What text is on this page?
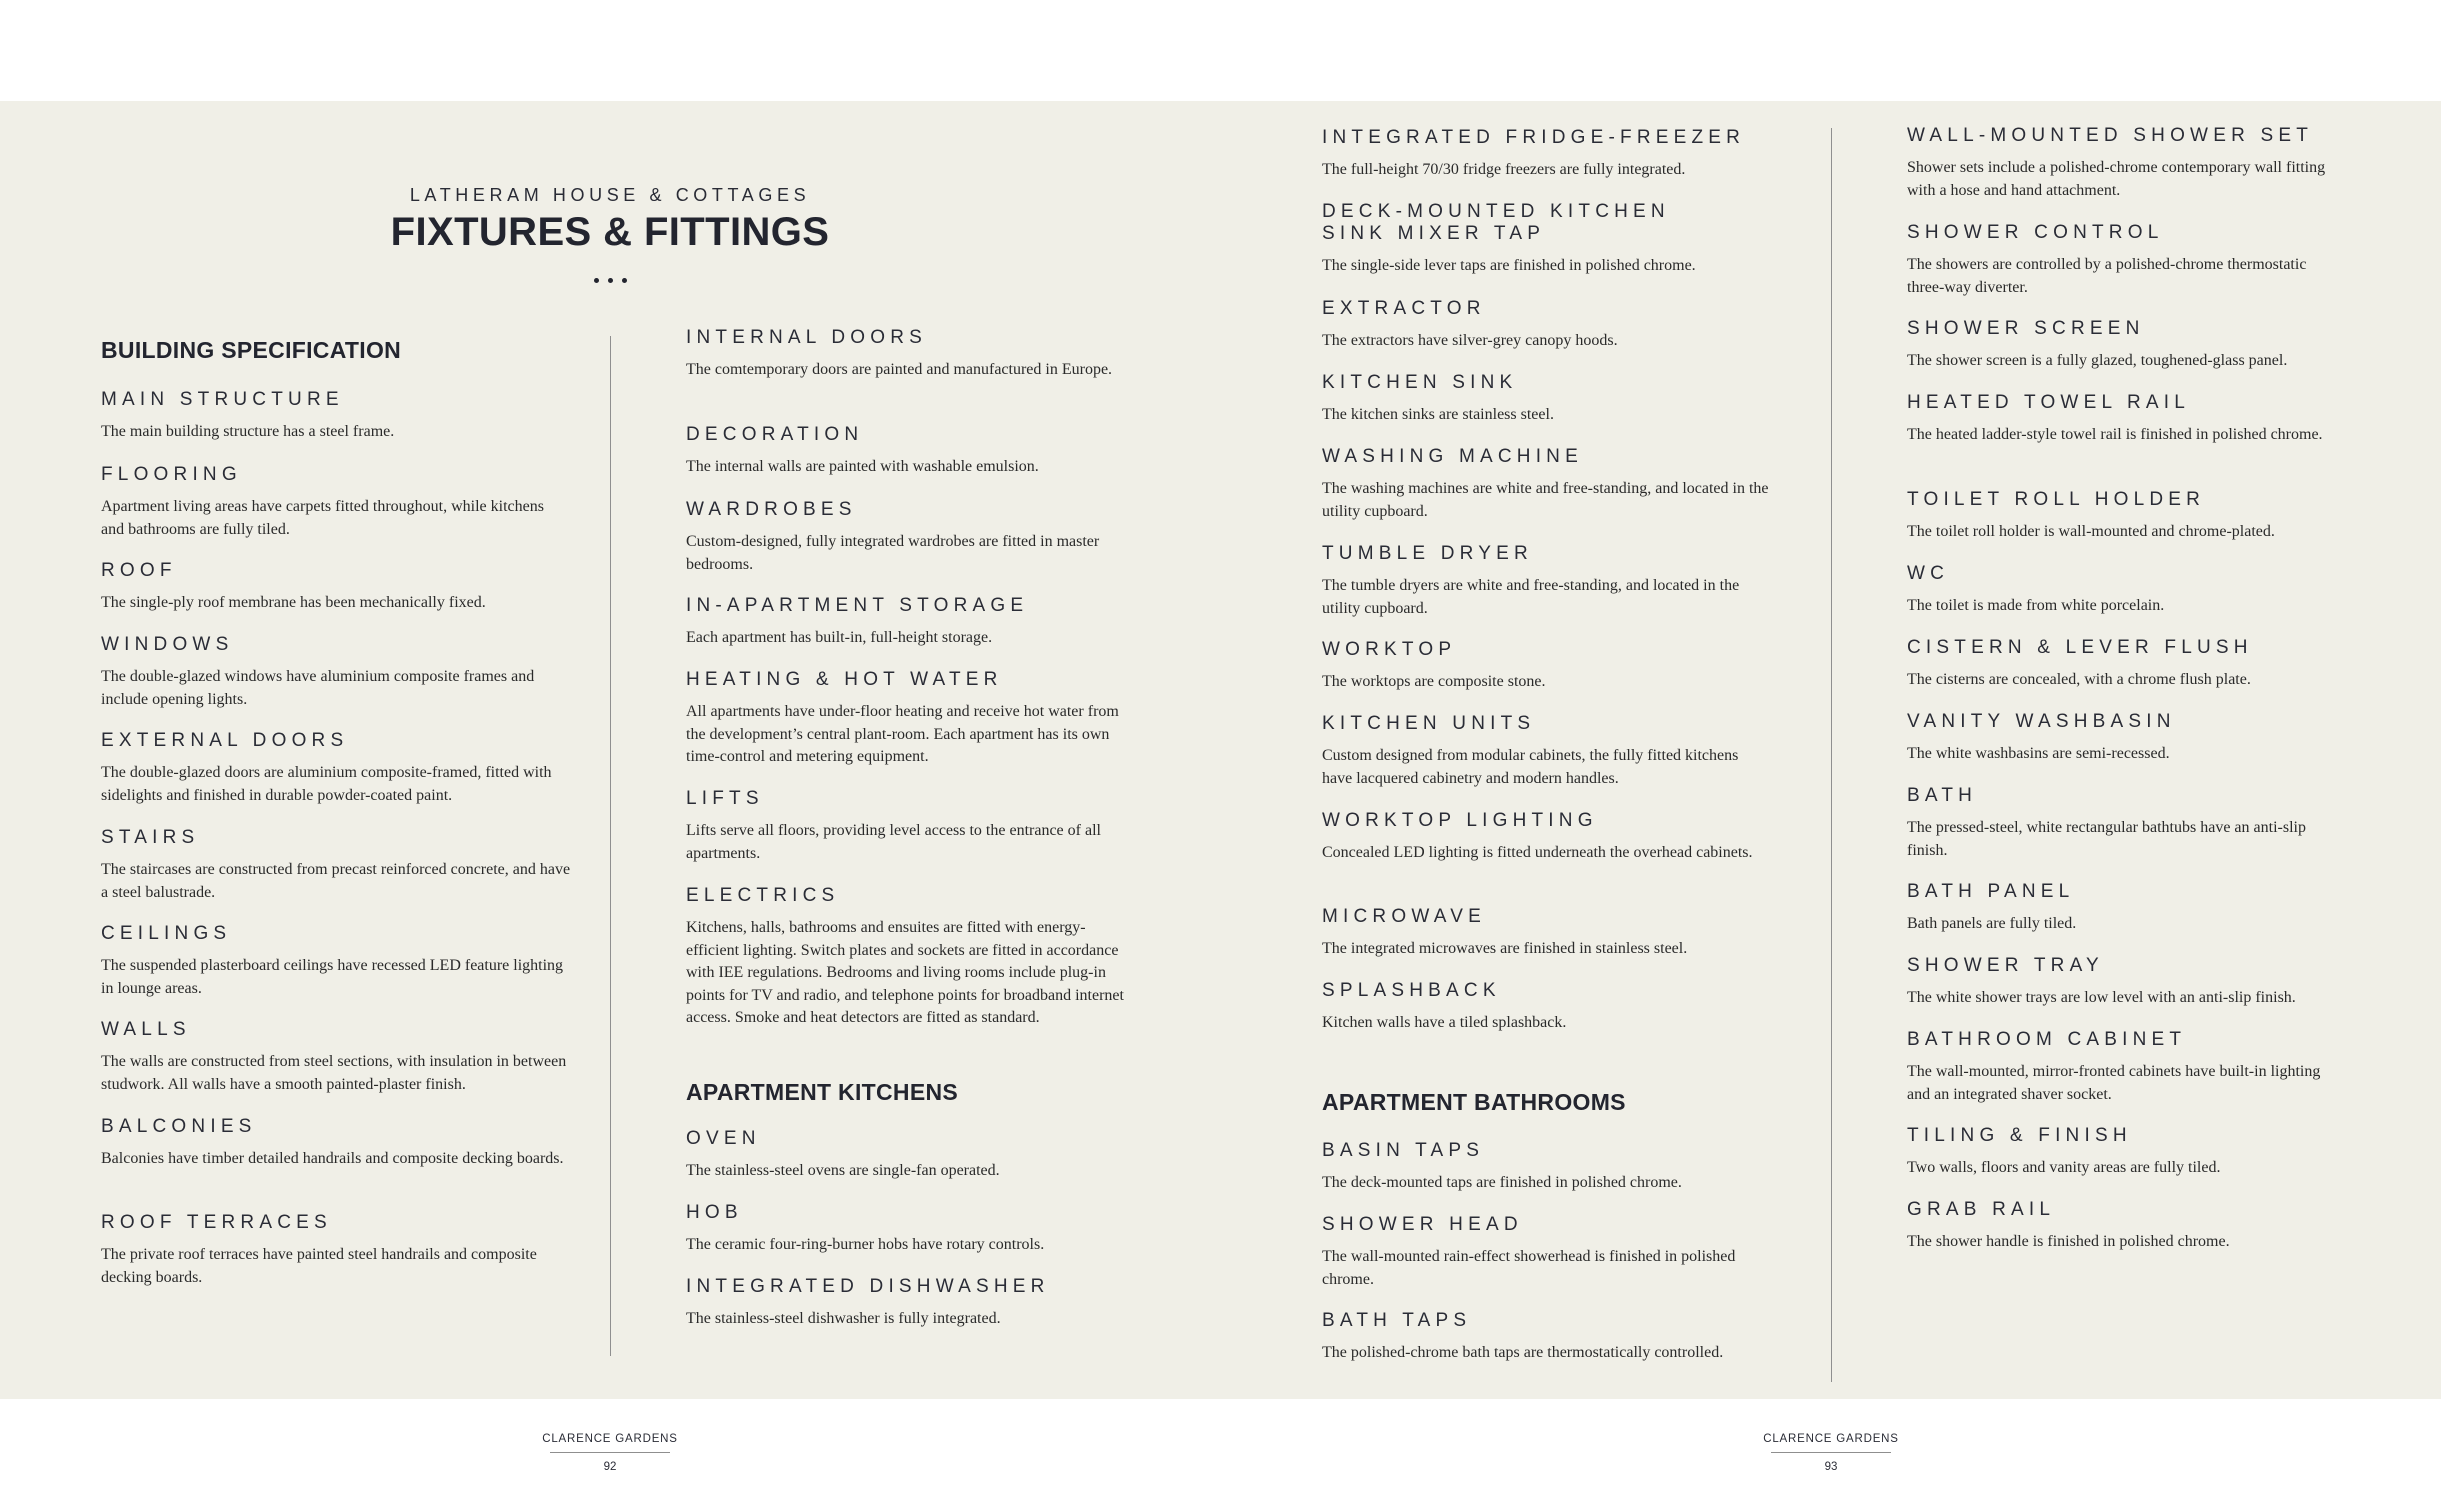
LATHERAM HOUSE & COTTAGES
FIXTURES & FITTINGS
BUILDING SPECIFICATION
MAIN STRUCTURE
The main building structure has a steel frame.
FLOORING
Apartment living areas have carpets fitted throughout, while kitchens and bathrooms are fully tiled.
ROOF
The single-ply roof membrane has been mechanically fixed.
WINDOWS
The double-glazed windows have aluminium composite frames and include opening lights.
EXTERNAL DOORS
The double-glazed doors are aluminium composite-framed, fitted with sidelights and finished in durable powder-coated paint.
STAIRS
The staircases are constructed from precast reinforced concrete, and have a steel balustrade.
CEILINGS
The suspended plasterboard ceilings have recessed LED feature lighting in lounge areas.
WALLS
The walls are constructed from steel sections, with insulation in between studwork. All walls have a smooth painted-plaster finish.
BALCONIES
Balconies have timber detailed handrails and composite decking boards.
ROOF TERRACES
The private roof terraces have painted steel handrails and composite decking boards.
INTERNAL DOORS
The comtemporary doors are painted and manufactured in Europe.
DECORATION
The internal walls are painted with washable emulsion.
WARDROBES
Custom-designed, fully integrated wardrobes are fitted in master bedrooms.
IN-APARTMENT STORAGE
Each apartment has built-in, full-height storage.
HEATING & HOT WATER
All apartments have under-floor heating and receive hot water from the development’s central plant-room. Each apartment has its own time-control and metering equipment.
LIFTS
Lifts serve all floors, providing level access to the entrance of all apartments.
ELECTRICS
Kitchens, halls, bathrooms and ensuites are fitted with energy-efficient lighting. Switch plates and sockets are fitted in accordance with IEE regulations. Bedrooms and living rooms include plug-in points for TV and radio, and telephone points for broadband internet access. Smoke and heat detectors are fitted as standard.
APARTMENT KITCHENS
OVEN
The stainless-steel ovens are single-fan operated.
HOB
The ceramic four-ring-burner hobs have rotary controls.
INTEGRATED DISHWASHER
The stainless-steel dishwasher is fully integrated.
INTEGRATED FRIDGE-FREEZER
The full-height 70/30 fridge freezers are fully integrated.
DECK-MOUNTED KITCHEN SINK MIXER TAP
The single-side lever taps are finished in polished chrome.
EXTRACTOR
The extractors have silver-grey canopy hoods.
KITCHEN SINK
The kitchen sinks are stainless steel.
WASHING MACHINE
The washing machines are white and free-standing, and located in the utility cupboard.
TUMBLE DRYER
The tumble dryers are white and free-standing, and located in the utility cupboard.
WORKTOP
The worktops are composite stone.
KITCHEN UNITS
Custom designed from modular cabinets, the fully fitted kitchens have lacquered cabinetry and modern handles.
WORKTOP LIGHTING
Concealed LED lighting is fitted underneath the overhead cabinets.
MICROWAVE
The integrated microwaves are finished in stainless steel.
SPLASHBACK
Kitchen walls have a tiled splashback.
APARTMENT BATHROOMS
BASIN TAPS
The deck-mounted taps are finished in polished chrome.
SHOWER HEAD
The wall-mounted rain-effect showerhead is finished in polished chrome.
BATH TAPS
The polished-chrome bath taps are thermostatically controlled.
WALL-MOUNTED SHOWER SET
Shower sets include a polished-chrome contemporary wall fitting with a hose and hand attachment.
SHOWER CONTROL
The showers are controlled by a polished-chrome thermostatic three-way diverter.
SHOWER SCREEN
The shower screen is a fully glazed, toughened-glass panel.
HEATED TOWEL RAIL
The heated ladder-style towel rail is finished in polished chrome.
TOILET ROLL HOLDER
The toilet roll holder is wall-mounted and chrome-plated.
WC
The toilet is made from white porcelain.
CISTERN & LEVER FLUSH
The cisterns are concealed, with a chrome flush plate.
VANITY WASHBASIN
The white washbasins are semi-recessed.
BATH
The pressed-steel, white rectangular bathtubs have an anti-slip finish.
BATH PANEL
Bath panels are fully tiled.
SHOWER TRAY
The white shower trays are low level with an anti-slip finish.
BATHROOM CABINET
The wall-mounted, mirror-fronted cabinets have built-in lighting and an integrated shaver socket.
TILING & FINISH
Two walls, floors and vanity areas are fully tiled.
GRAB RAIL
The shower handle is finished in polished chrome.
CLARENCE GARDENS
92
CLARENCE GARDENS
93
